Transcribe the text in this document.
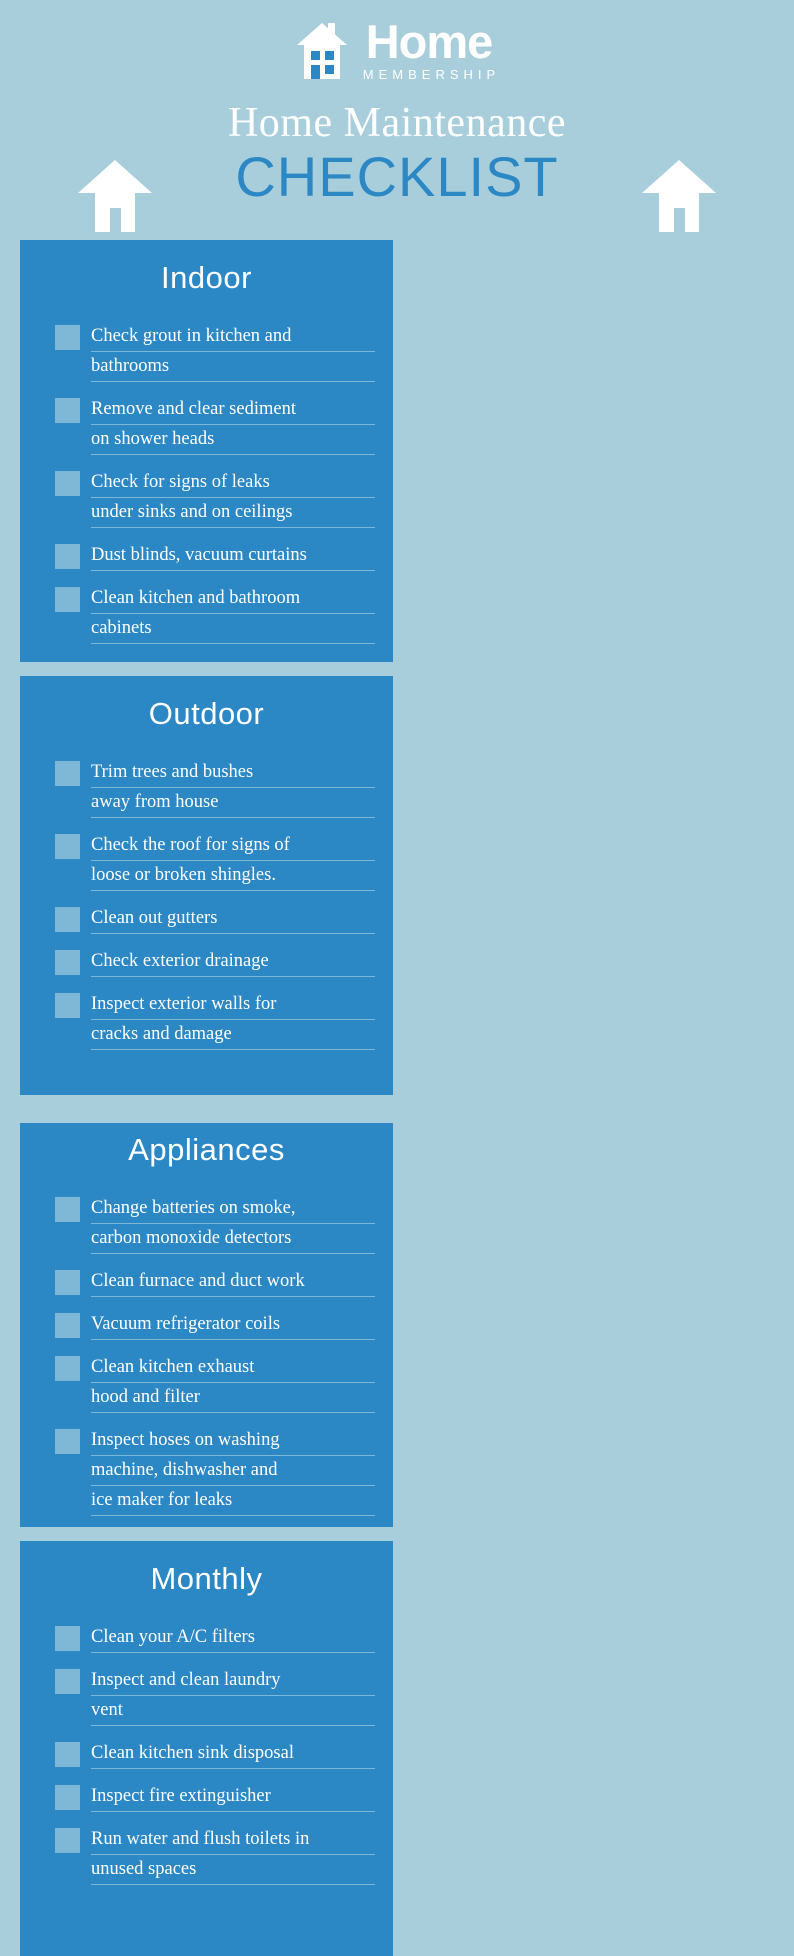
Home
MEMBERSHIP
Home Maintenance
CHECKLIST
Indoor
Check grout in kitchen and
bathrooms
Remove and clear sediment
on shower heads
Check for signs of leaks
under sinks and on ceilings
Dust blinds, vacuum curtains
Clean kitchen and bathroom
cabinets
Outdoor
Trim trees and bushes
away from house
Check the roof for signs of
loose or broken shingles.
Clean out gutters
Check exterior drainage
Inspect exterior walls for
cracks and damage
Appliances
Change batteries on smoke,
carbon monoxide detectors
Clean furnace and duct work
Vacuum refrigerator coils
Clean kitchen exhaust
hood and filter
Inspect hoses on washing
machine, dishwasher and
ice maker for leaks
Monthly
Clean your A/C filters
Inspect and clean laundry
vent
Clean kitchen sink disposal
Inspect fire extinguisher
Run water and flush toilets in
unused spaces
